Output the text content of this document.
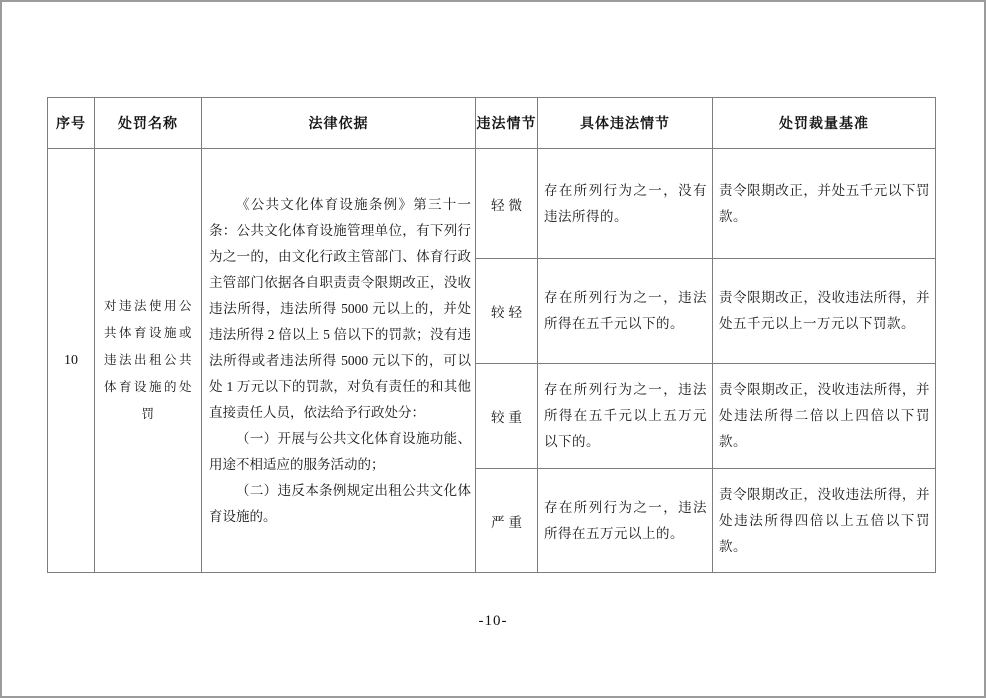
序号	处罚名称	法律依据	违法情节	具体违法情节	处罚裁量基准
10	对违法使用公共体育设施或违法出租公共体育设施的处罚	《公共文化体育设施条例》第三十一条：公共文化体育设施管理单位，有下列行为之一的，由文化行政主管部门、体育行政主管部门依据各自职责责令限期改正，没收违法所得，违法所得 5000 元以上的，并处违法所得 2 倍以上 5 倍以下的罚款；没有违法所得或者违法所得 5000 元以下的，可以处 1 万元以下的罚款，对负有责任的和其他直接责任人员，依法给予行政处分：

（一）开展与公共文化体育设施功能、用途不相适应的服务活动的；

（二）违反本条例规定出租公共文化体育设施的。	轻微	存在所列行为之一，没有违法所得的。	责令限期改正，并处五千元以下罚款。
			较轻	存在所列行为之一，违法所得在五千元以下的。	责令限期改正，没收违法所得，并处五千元以上一万元以下罚款。
			较重	存在所列行为之一，违法所得在五千元以上五万元以下的。	责令限期改正，没收违法所得，并处违法所得二倍以上四倍以下罚款。
			严重	存在所列行为之一，违法所得在五万元以上的。	责令限期改正，没收违法所得，并处违法所得四倍以上五倍以下罚款。
-10-
